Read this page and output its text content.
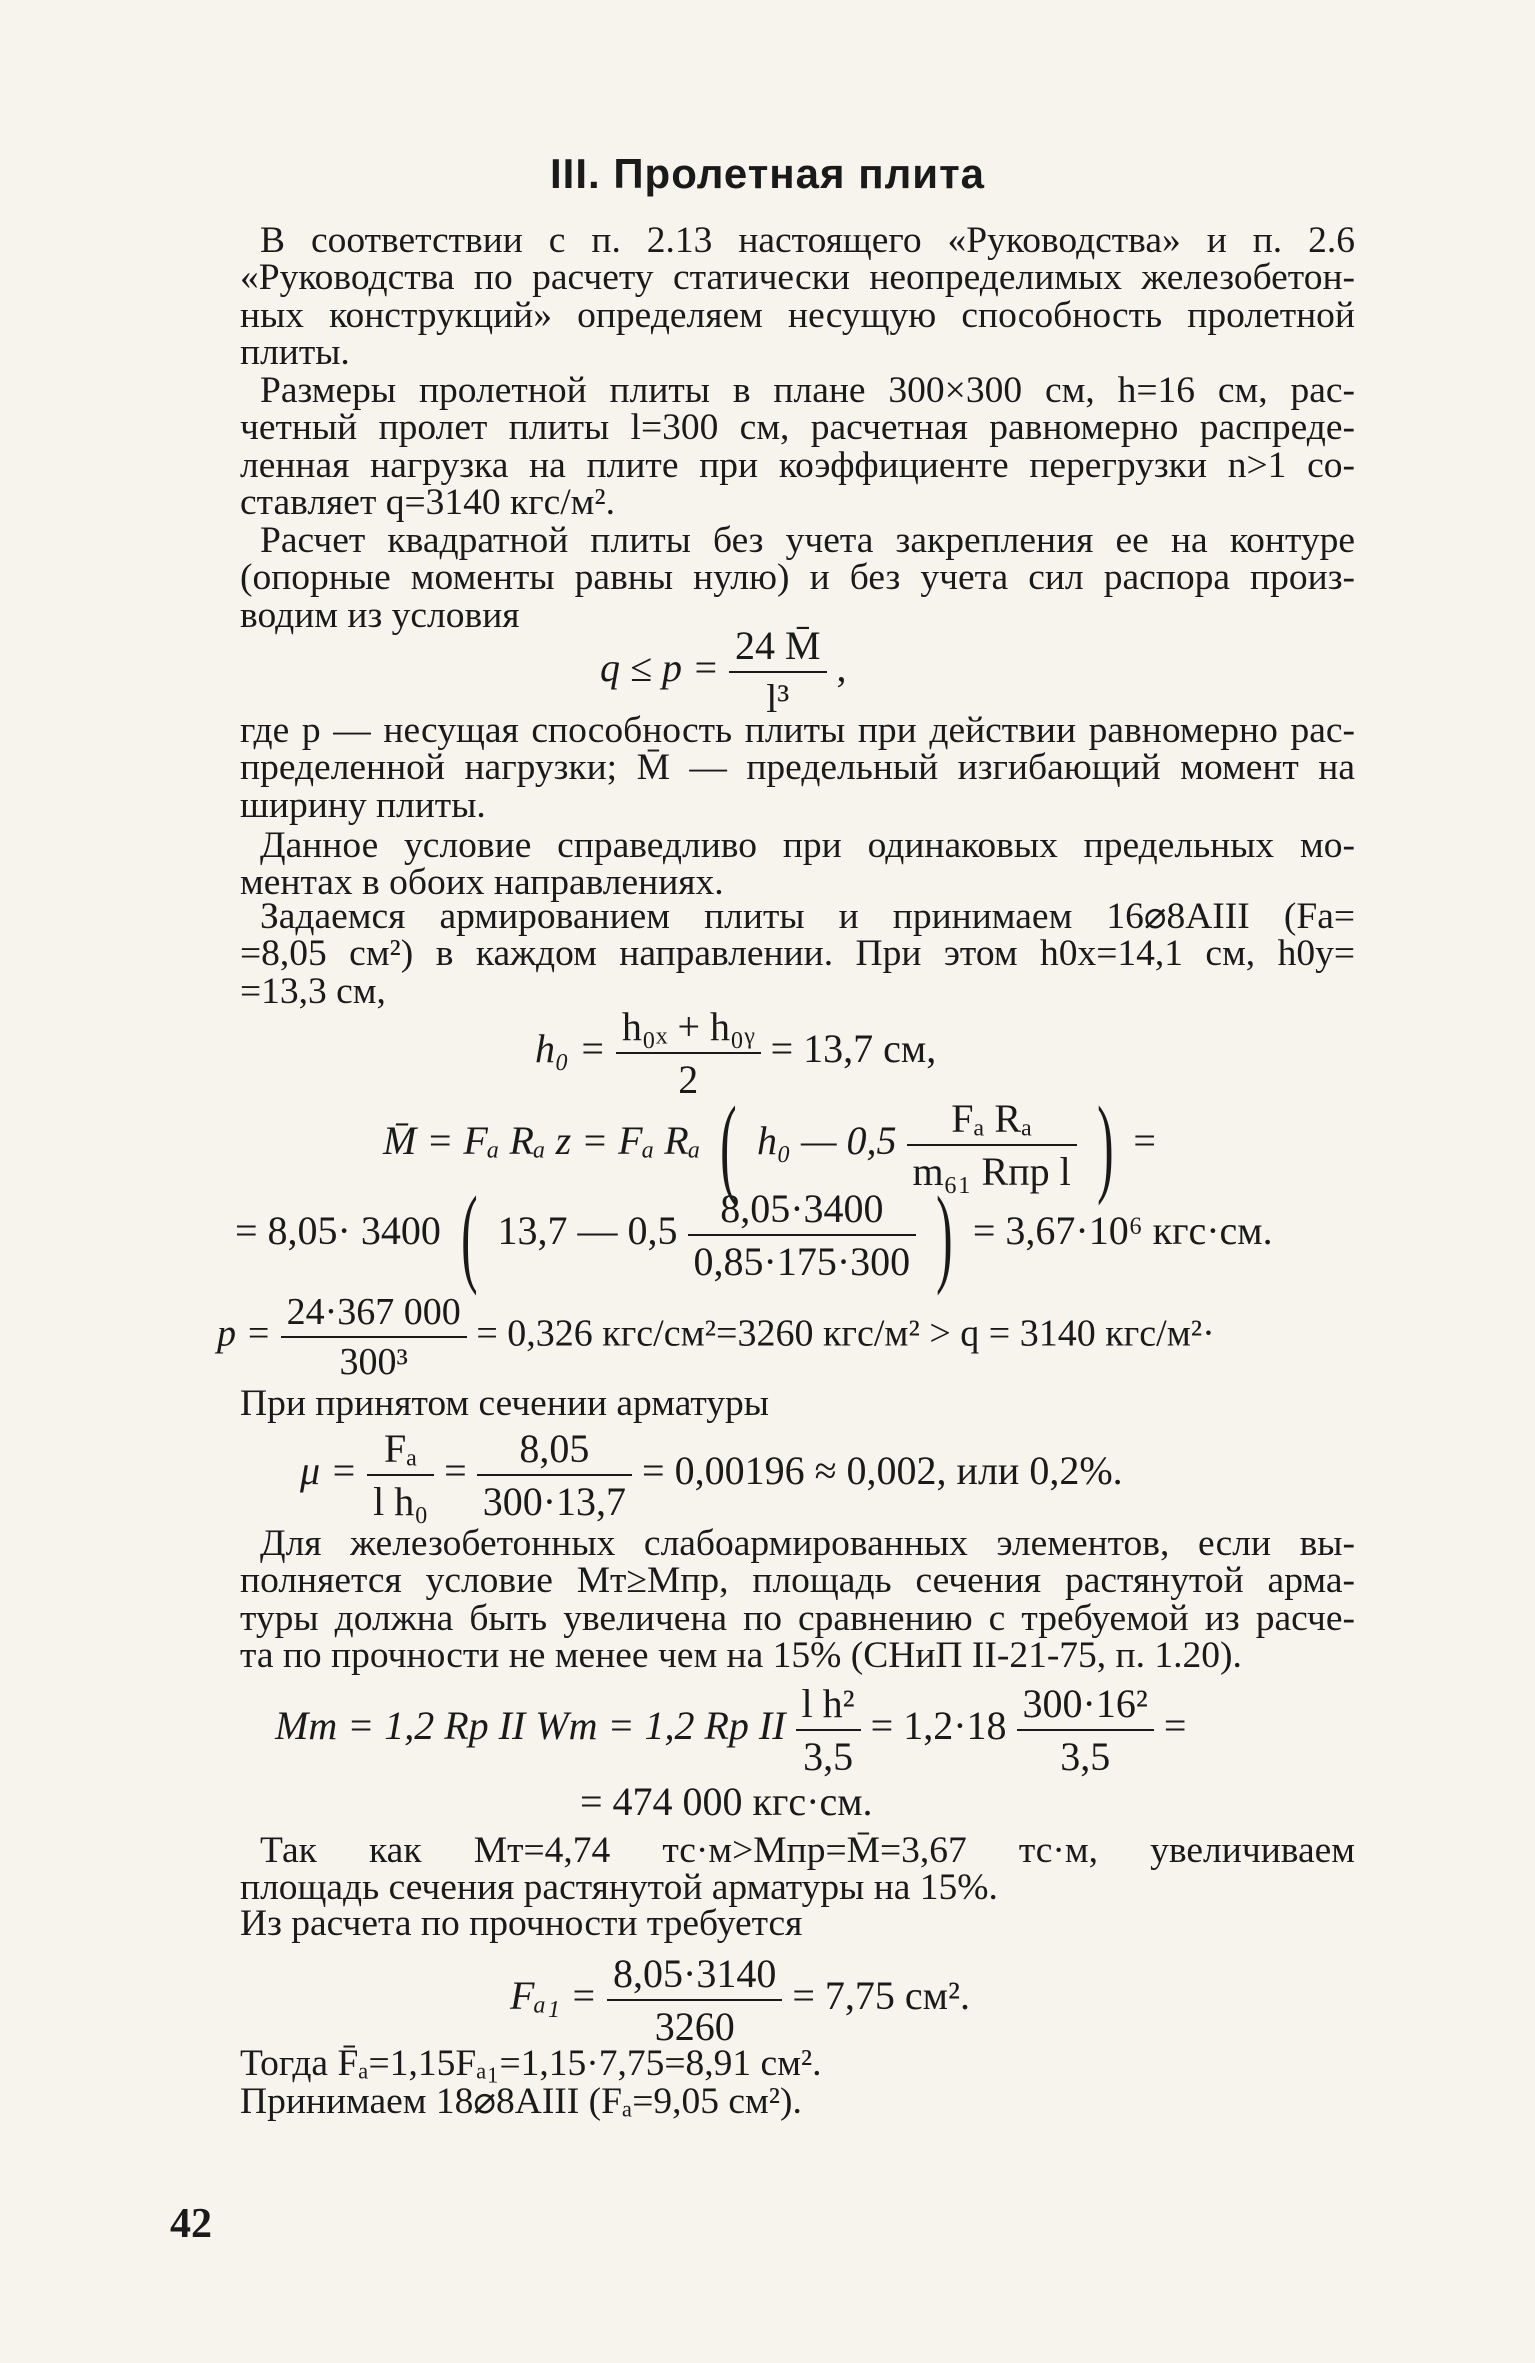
III. Пролетная плита
В соответствии с п. 2.13 настоящего «Руководства» и п. 2.6
«Руководства по расчету статически неопределимых железобетон-
ных конструкций» определяем несущую способность пролетной
плиты.
Размеры пролетной плиты в плане 300×300 см, h=16 см, рас-
четный пролет плиты l=300 см, расчетная равномерно распреде-
ленная нагрузка на плите при коэффициенте перегрузки n>1 со-
ставляет q=3140 кгс/м².
Расчет квадратной плиты без учета закрепления ее на контуре
(опорные моменты равны нулю) и без учета сил распора произ-
водим из условия
$q \le p = \frac{24 M̄}{\text{l³}}$ ,
где p — несущая способность плиты при действии равномерно рас-
пределенной нагрузки; M̄ — предельный изгибающий момент на
ширину плиты.
Данное условие справедливо при одинаковых предельных мо-
ментах в обоих направлениях.
Задаемся армированием плиты и принимаем 16⌀8AIII (Fa=
=8,05 см²) в каждом направлении. При этом h0x=14,1 см, h0y=
=13,3 см,
$h_0 = \frac{\text{h₀ₓ + h₀ᵧ}}{2} = 13,7$ см,
M̄ = Fₐ Rₐ z = Fₐ Rₐ ( h₀ — 0,5	Fₐ Rₐ
m₆₁ Rпр l ) =
= 8,05· 3400 ( 13,7 — $0,5 \frac{8,05\cdot 3400}{0,85\cdot 175\cdot 300}$ ) = 3,67·10⁶ кгс·см.
$p = \frac{24\cdot 367 000}{\text{300³}} = 0,326$ кгс/см²=3260 кгс/м² > q = 3140 кгс/м²·
При принятом сечении арматуры
$\mu = \frac{\text{Fₐ}}{\text{l h₀}} = \frac{8,05}{300\cdot 13,7} = 0,00196 \approx 0,002$, или 0,2%.
Для железобетонных слабоармированных элементов, если вы-
полняется условие Mт≥Mпр, площадь сечения растянутой арма-
туры должна быть увеличена по сравнению с требуемой из расче-
та по прочности не менее чем на 15% (СНиП II-21-75, п. 1.20).
Mт = 1,2 Rp II Wт = 1,2 Rp II $\frac{\text{l h²}}{3,5} = 1,2\cdot 18 \frac{\text{300·16²}}{3,5}$ =
= 474 000 кгс·см.
Так как Mт=4,74 тс·м>Mпр=M̄=3,67 тс·м, увеличиваем
площадь сечения растянутой арматуры на 15%.
Из расчета по прочности требуется
$F_{a1} = \frac{8,05\cdot 3140}{3260} = 7,75$ см².
Тогда F̄ₐ=1,15Fₐ₁=1,15·7,75=8,91 см².
Принимаем 18⌀8AIII (Fₐ=9,05 см²).
42
